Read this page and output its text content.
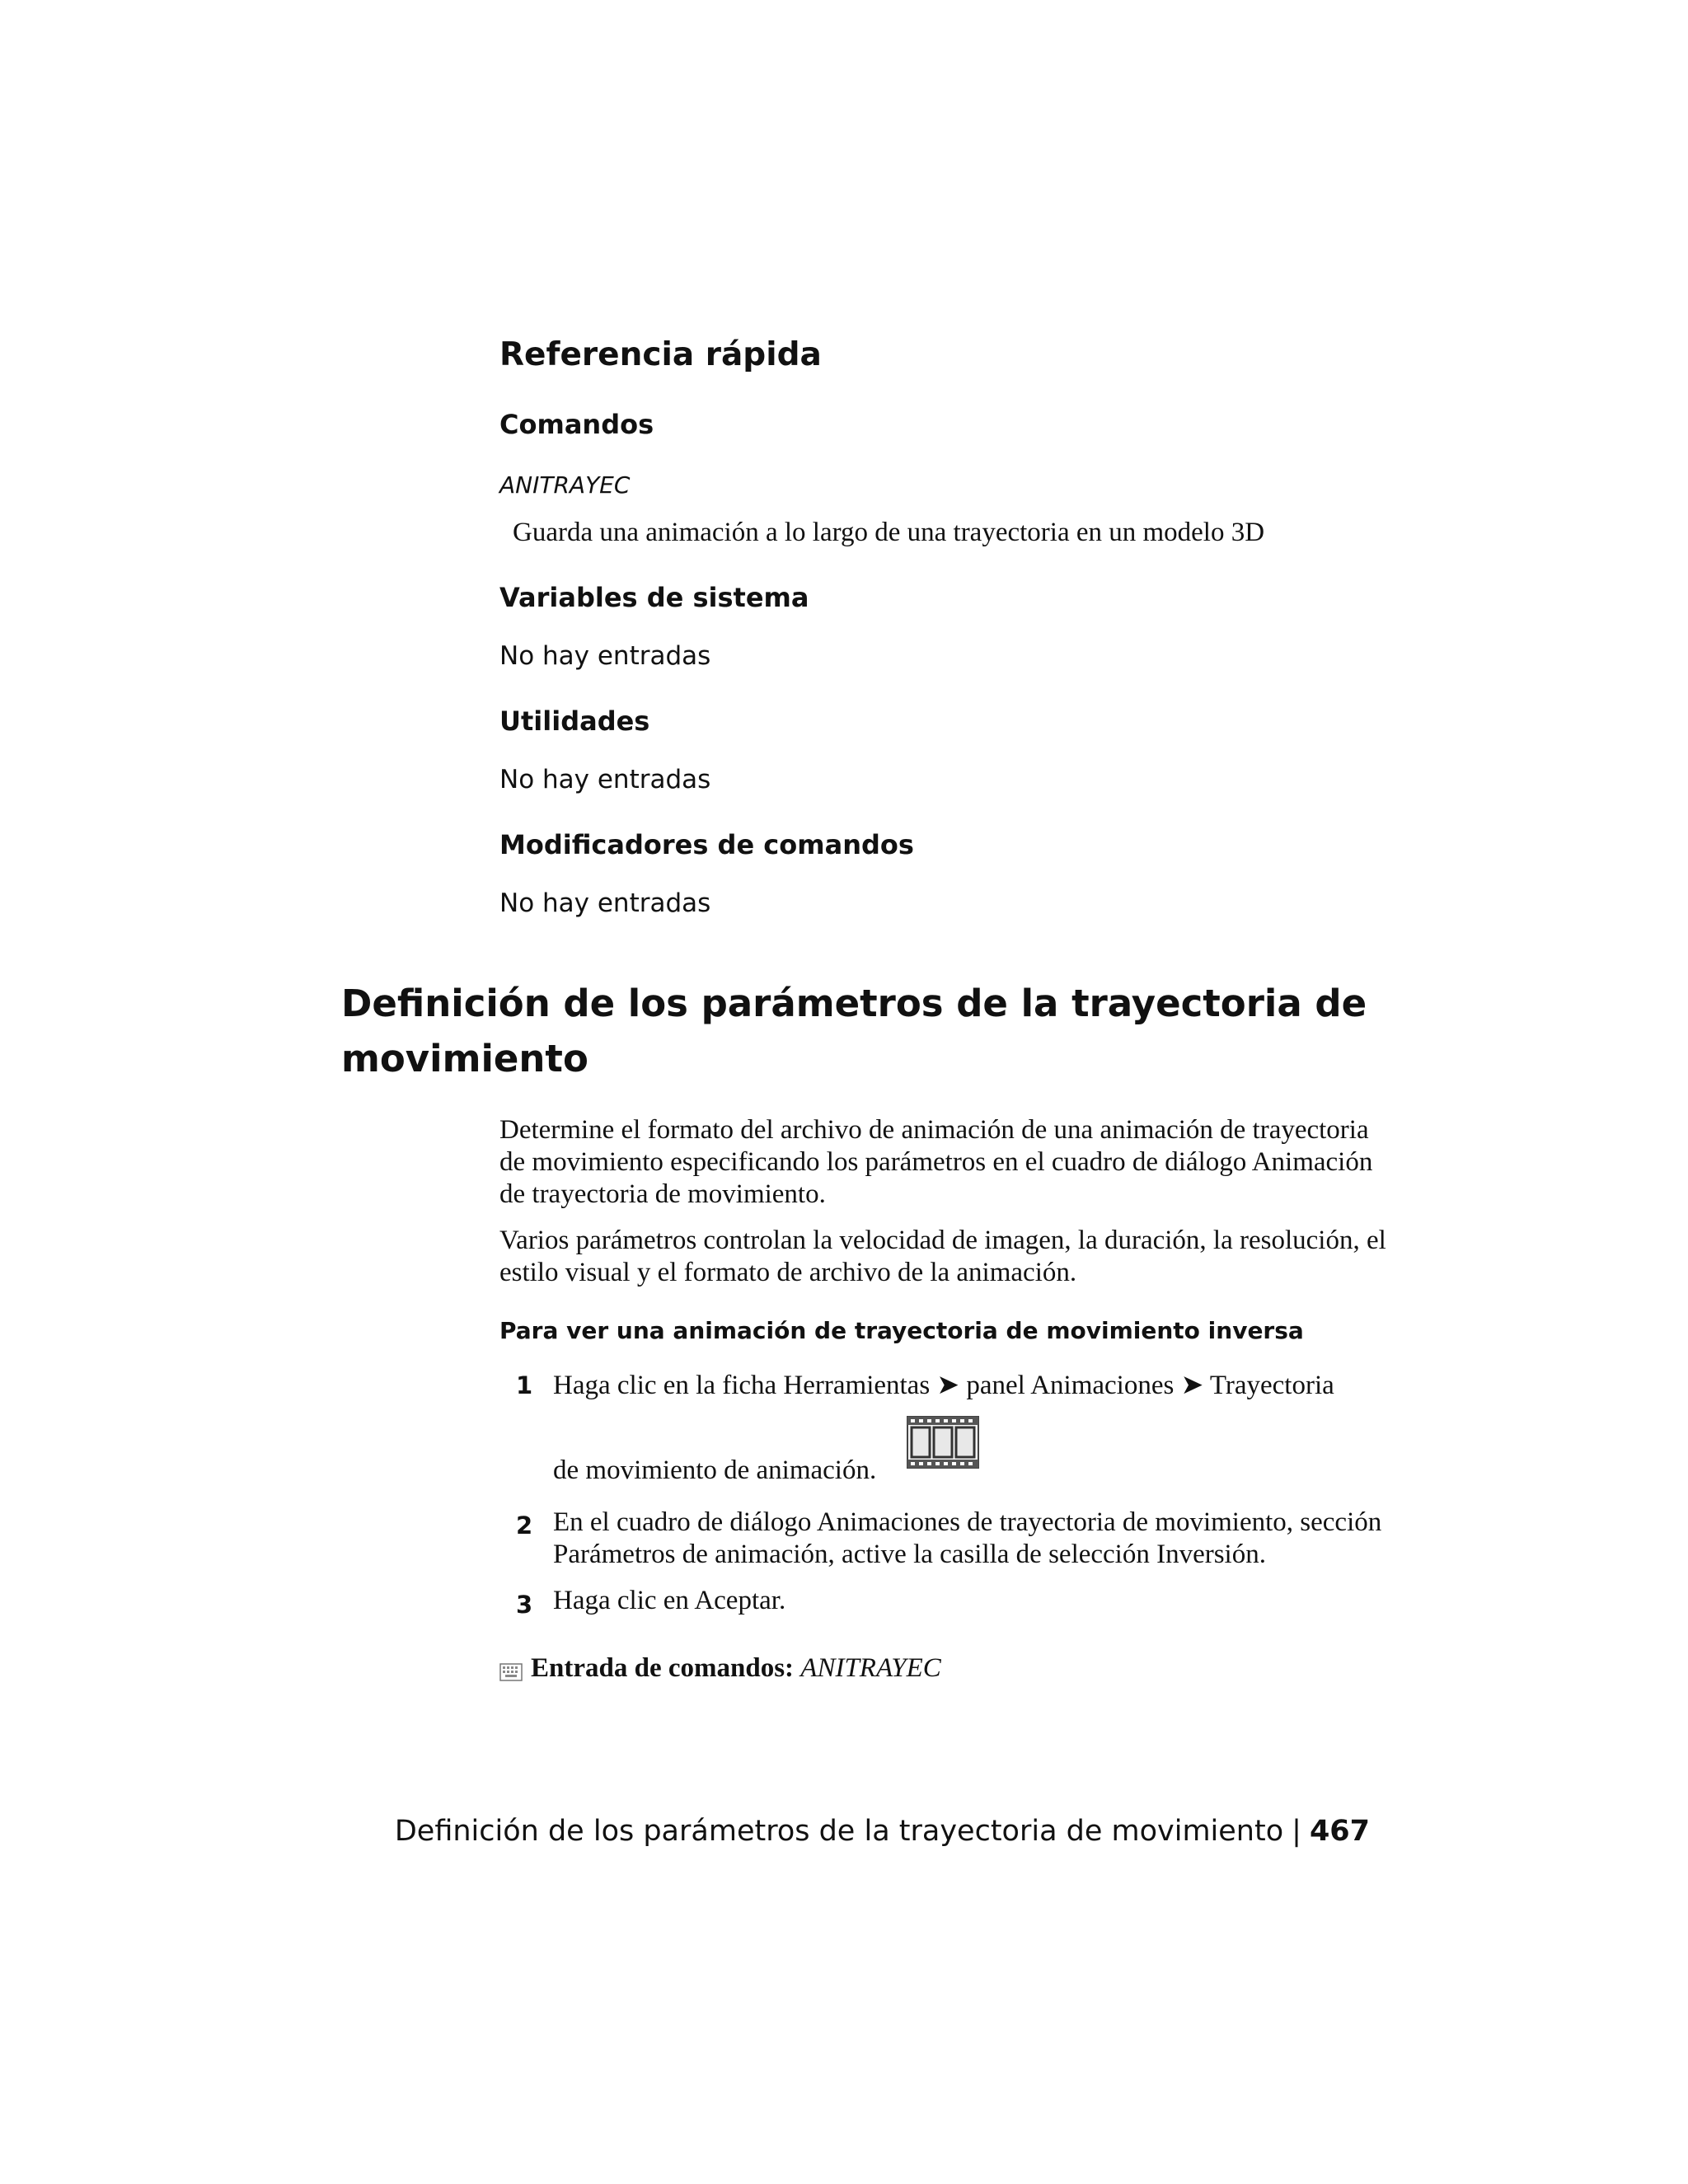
Referencia rápida
Comandos
ANITRAYEC
Guarda una animación a lo largo de una trayectoria en un modelo 3D
Variables de sistema
No hay entradas
Utilidades
No hay entradas
Modificadores de comandos
No hay entradas
Definición de los parámetros de la trayectoria de movimiento
Determine el formato del archivo de animación de una animación de trayectoria de movimiento especificando los parámetros en el cuadro de diálogo Animación de trayectoria de movimiento.
Varios parámetros controlan la velocidad de imagen, la duración, la resolución, el estilo visual y el formato de archivo de la animación.
Para ver una animación de trayectoria de movimiento inversa
1 Haga clic en la ficha Herramientas ➤ panel Animaciones ➤ Trayectoria
de movimiento de animación.
2 En el cuadro de diálogo Animaciones de trayectoria de movimiento, sección Parámetros de animación, active la casilla de selección Inversión.
3 Haga clic en Aceptar.
Entrada de comandos: ANITRAYEC
Definición de los parámetros de la trayectoria de movimiento | 467
